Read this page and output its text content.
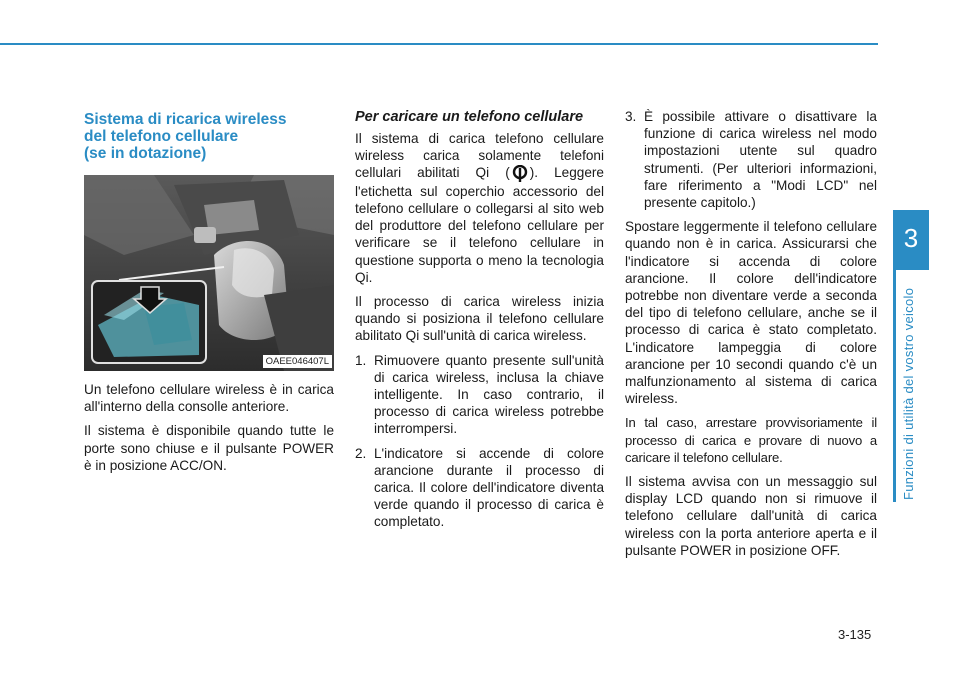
3
Funzioni di utilità del vostro veicolo
Sistema di ricarica wireless
del telefono cellulare
(se in dotazione)
OAEE046407L

Un telefono cellulare wireless è in carica all'interno della consolle anteriore.

Il sistema è disponibile quando tutte le porte sono chiuse e il pulsante POWER è in posizione ACC/ON.

Per caricare un telefono cellulare

Il sistema di carica telefono cellulare wireless carica solamente telefoni cellulari abilitati Qi ( ). Leggere l'etichetta sul coperchio accessorio del telefono cellulare o collegarsi al sito web del produttore del telefono cellulare per verificare se il telefono cellulare in questione supporta o meno la tecnologia Qi.

Il processo di carica wireless inizia quando si posiziona il telefono cellulare abilitato Qi sull'unità di carica wireless.

1. Rimuovere quanto presente sull'unità di carica wireless, inclusa la chiave intelligente. In caso contrario, il processo di carica wireless potrebbe interrompersi.

2. L'indicatore si accende di colore arancione durante il processo di carica. Il colore dell'indicatore diventa verde quando il processo di carica è completato.

3. È possibile attivare o disattivare la funzione di carica wireless nel modo impostazioni utente sul quadro strumenti. (Per ulteriori informazioni, fare riferimento a "Modi LCD" nel presente capitolo.)

Spostare leggermente il telefono cellulare quando non è in carica. Assicurarsi che l'indicatore si accenda di colore arancione. Il colore dell'indicatore potrebbe non diventare verde a seconda del tipo di telefono cellulare, anche se il processo di carica è stato completato. L'indicatore lampeggia di colore arancione per 10 secondi quando c'è un malfunzionamento al sistema di carica wireless.

In tal caso, arrestare provvisoriamente il processo di carica e provare di nuovo a caricare il telefono cellulare.

Il sistema avvisa con un messaggio sul display LCD quando non si rimuove il telefono cellulare dall'unità di carica wireless con la porta anteriore aperta e il pulsante POWER in posizione OFF.

3-135
